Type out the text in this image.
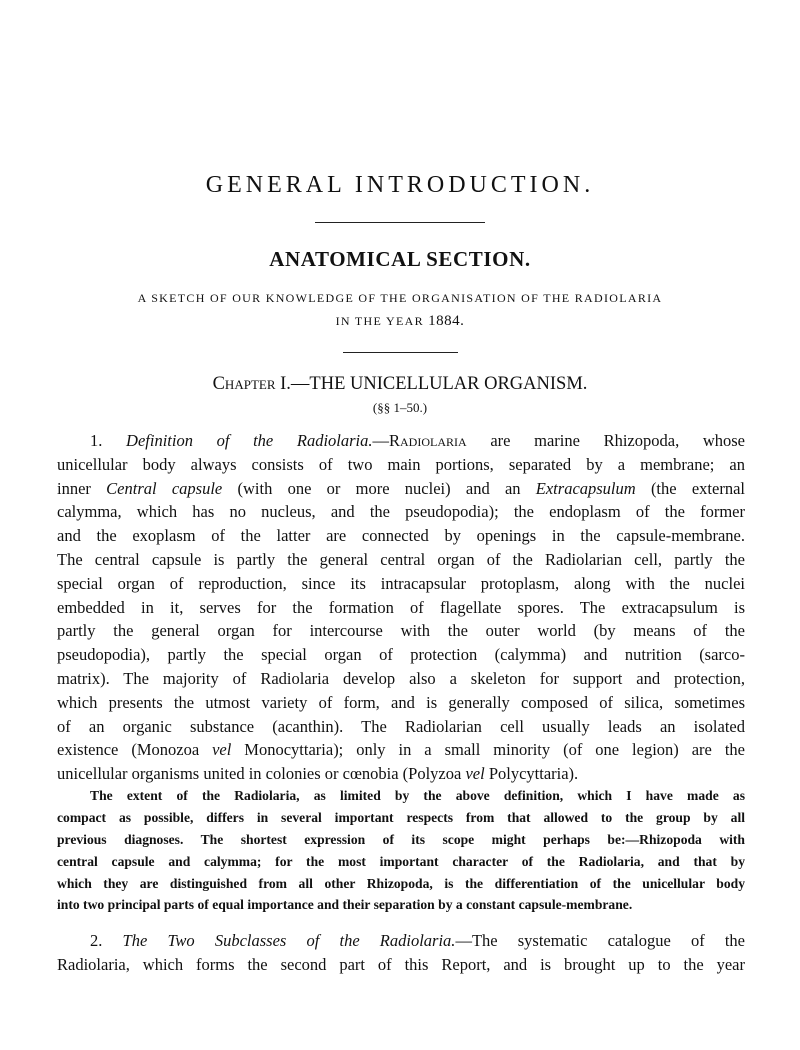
GENERAL INTRODUCTION.
ANATOMICAL SECTION.
A SKETCH OF OUR KNOWLEDGE OF THE ORGANISATION OF THE RADIOLARIA
IN THE YEAR 1884.
Chapter I.—THE UNICELLULAR ORGANISM.
(§§ 1–50.)
1. Definition of the Radiolaria.—Radiolaria are marine Rhizopoda, whose
unicellular body always consists of two main portions, separated by a membrane; an
inner Central capsule (with one or more nuclei) and an Extracapsulum (the external
calymma, which has no nucleus, and the pseudopodia); the endoplasm of the former
and the exoplasm of the latter are connected by openings in the capsule-membrane.
The central capsule is partly the general central organ of the Radiolarian cell, partly the
special organ of reproduction, since its intracapsular protoplasm, along with the nuclei
embedded in it, serves for the formation of flagellate spores. The extracapsulum is
partly the general organ for intercourse with the outer world (by means of the
pseudopodia), partly the special organ of protection (calymma) and nutrition (sarco-
matrix). The majority of Radiolaria develop also a skeleton for support and protection,
which presents the utmost variety of form, and is generally composed of silica, sometimes
of an organic substance (acanthin). The Radiolarian cell usually leads an isolated
existence (Monozoa vel Monocyttaria); only in a small minority (of one legion) are the
unicellular organisms united in colonies or cœnobia (Polyzoa vel Polycyttaria).
The extent of the Radiolaria, as limited by the above definition, which I have made as
compact as possible, differs in several important respects from that allowed to the group by all
previous diagnoses. The shortest expression of its scope might perhaps be:—Rhizopoda with
central capsule and calymma; for the most important character of the Radiolaria, and that by
which they are distinguished from all other Rhizopoda, is the differentiation of the unicellular body
into two principal parts of equal importance and their separation by a constant capsule-membrane.
2. The Two Subclasses of the Radiolaria.—The systematic catalogue of the
Radiolaria, which forms the second part of this Report, and is brought up to the year
